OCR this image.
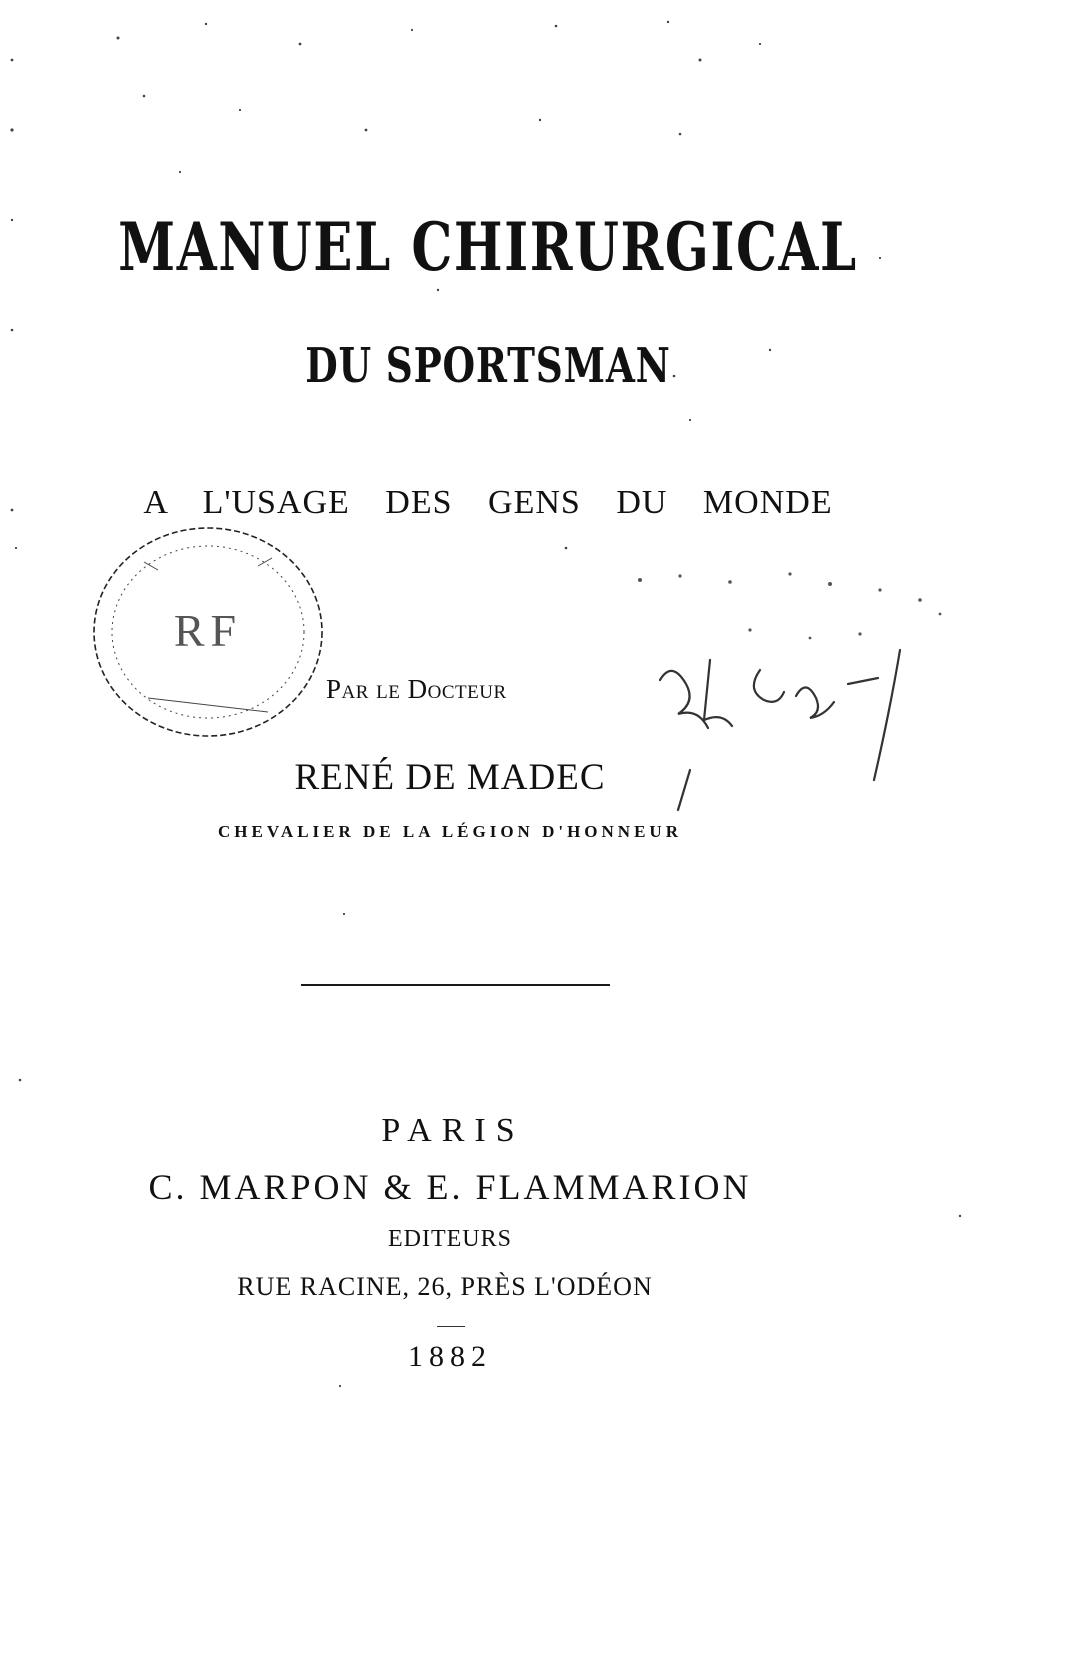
MANUEL CHIRURGICAL
DU SPORTSMAN
A L'USAGE DES GENS DU MONDE
RF
Par le Docteur
RENÉ DE MADEC
CHEVALIER DE LA LÉGION D'HONNEUR
PARIS
C. MARPON & E. FLAMMARION
EDITEURS
RUE RACINE, 26, PRÈS L'ODÉON
1882
